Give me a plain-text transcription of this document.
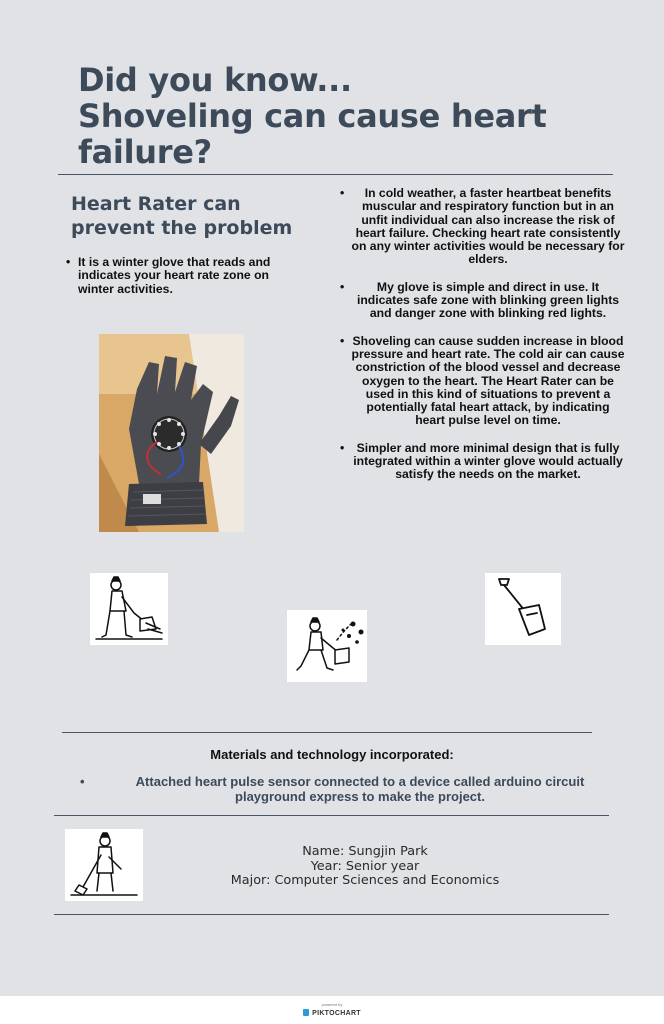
Did you know...
Shoveling can cause heart
failure?
Heart Rater can prevent the problem
• It is a winter glove that reads and indicates your heart rate zone on winter activities.
• In cold weather, a faster heartbeat benefits muscular and respiratory function but in an unfit individual can also increase the risk of heart failure. Checking heart rate consistently on any winter activities would be necessary for elders.
• My glove is simple and direct in use. It indicates safe zone with blinking green lights and danger zone with blinking red lights.
• Shoveling can cause sudden increase in blood pressure and heart rate. The cold air can cause constriction of the blood vessel and decrease oxygen to the heart. The Heart Rater can be used in this kind of situations to prevent a potentially fatal heart attack, by indicating heart pulse level on time.
• Simpler and more minimal design that is fully integrated within a winter glove would actually satisfy the needs on the market.
Materials and technology incorporated:
• Attached heart pulse sensor connected to a device called arduino circuit playground express to make the project.
Name: Sungjin Park
Year: Senior year
Major: Computer Sciences and Economics
powered by
PIKTOCHART
